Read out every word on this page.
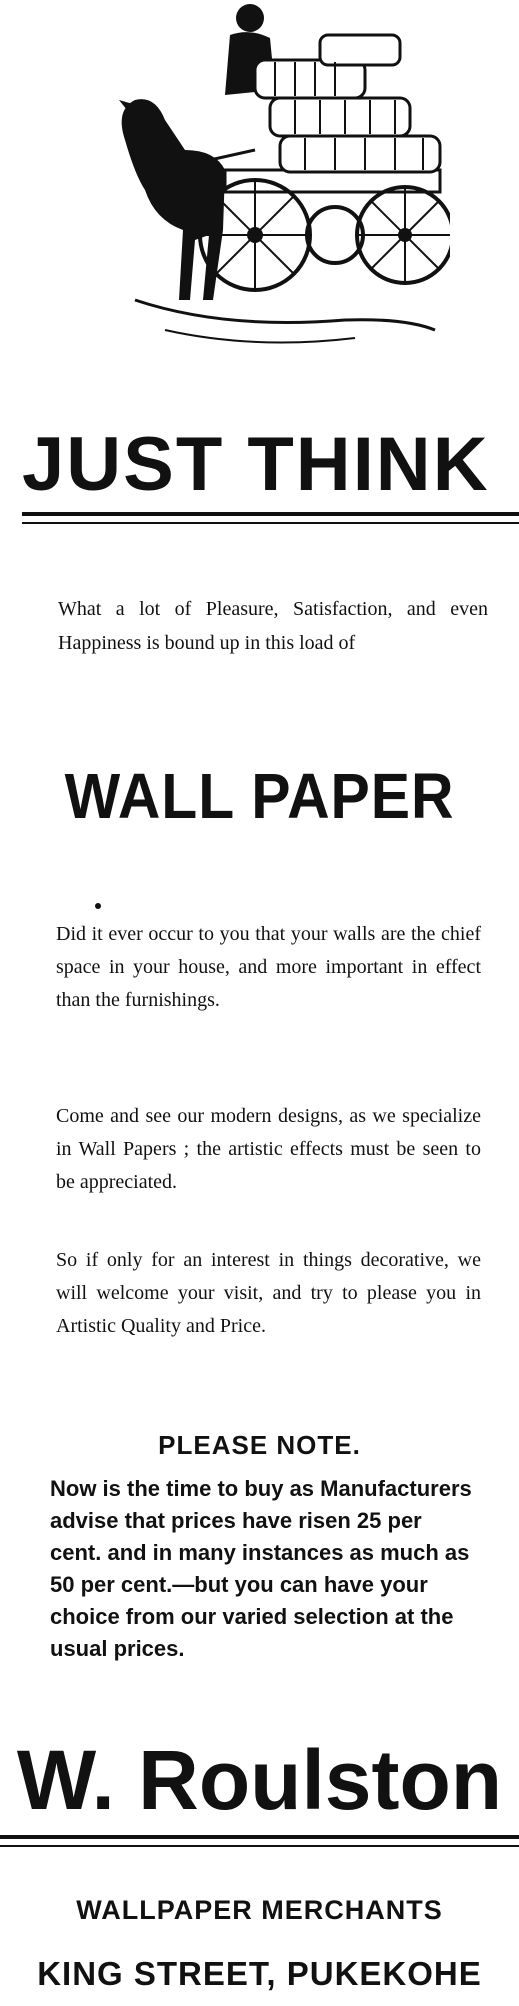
JUST THINK
What a lot of Pleasure, Satisfaction, and even Happiness is bound up in this load of
WALL PAPER
Did it ever occur to you that your walls are the chief space in your house, and more important in effect than the furnishings.
Come and see our modern designs, as we specialize in Wall Papers ; the artistic effects must be seen to be appreciated.
So if only for an interest in things decorative, we will welcome your visit, and try to please you in Artistic Quality and Price.
PLEASE NOTE.
Now is the time to buy as Manufacturers advise that prices have risen 25 per cent. and in many instances as much as 50 per cent.—but you can have your choice from our varied selection at the usual prices.
W. Roulston
WALLPAPER MERCHANTS
KING STREET, PUKEKOHE
